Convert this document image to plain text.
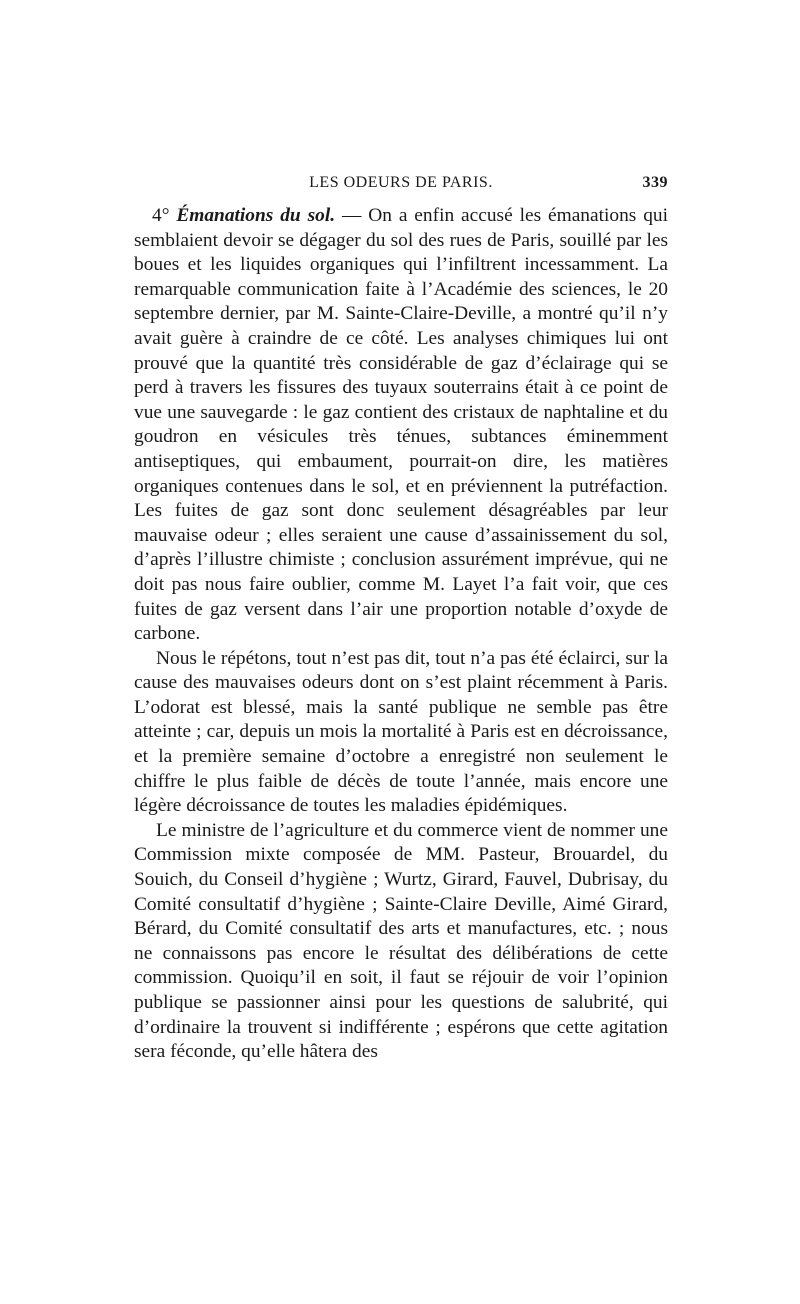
LES ODEURS DE PARIS.	339

4° Émanations du sol. — On a enfin accusé les émanations qui semblaient devoir se dégager du sol des rues de Paris, souillé par les boues et les liquides organiques qui l’infiltrent incessamment. La remarquable communication faite à l’Académie des sciences, le 20 septembre dernier, par M. Sainte-Claire-Deville, a montré qu’il n’y avait guère à craindre de ce côté. Les analyses chimiques lui ont prouvé que la quantité très considérable de gaz d’éclairage qui se perd à travers les fissures des tuyaux souterrains était à ce point de vue une sauvegarde : le gaz contient des cristaux de naphtaline et du goudron en vésicules très ténues, subtances éminemment antiseptiques, qui embaument, pourrait-on dire, les matières organiques contenues dans le sol, et en préviennent la putréfaction. Les fuites de gaz sont donc seulement désagréables par leur mauvaise odeur ; elles seraient une cause d’assainissement du sol, d’après l’illustre chimiste ; conclusion assurément imprévue, qui ne doit pas nous faire oublier, comme M. Layet l’a fait voir, que ces fuites de gaz versent dans l’air une proportion notable d’oxyde de carbone.

Nous le répétons, tout n’est pas dit, tout n’a pas été éclairci, sur la cause des mauvaises odeurs dont on s’est plaint récemment à Paris. L’odorat est blessé, mais la santé publique ne semble pas être atteinte ; car, depuis un mois la mortalité à Paris est en décroissance, et la première semaine d’octobre a enregistré non seulement le chiffre le plus faible de décès de toute l’année, mais encore une légère décroissance de toutes les maladies épidémiques.

Le ministre de l’agriculture et du commerce vient de nommer une Commission mixte composée de MM. Pasteur, Brouardel, du Souich, du Conseil d’hygiène ; Wurtz, Girard, Fauvel, Dubrisay, du Comité consultatif d’hygiène ; Sainte-Claire Deville, Aimé Girard, Bérard, du Comité consultatif des arts et manufactures, etc. ; nous ne connaissons pas encore le résultat des délibérations de cette commission. Quoiqu’il en soit, il faut se réjouir de voir l’opinion publique se passionner ainsi pour les questions de salubrité, qui d’ordinaire la trouvent si indifférente ; espérons que cette agitation sera féconde, qu’elle hâtera des
